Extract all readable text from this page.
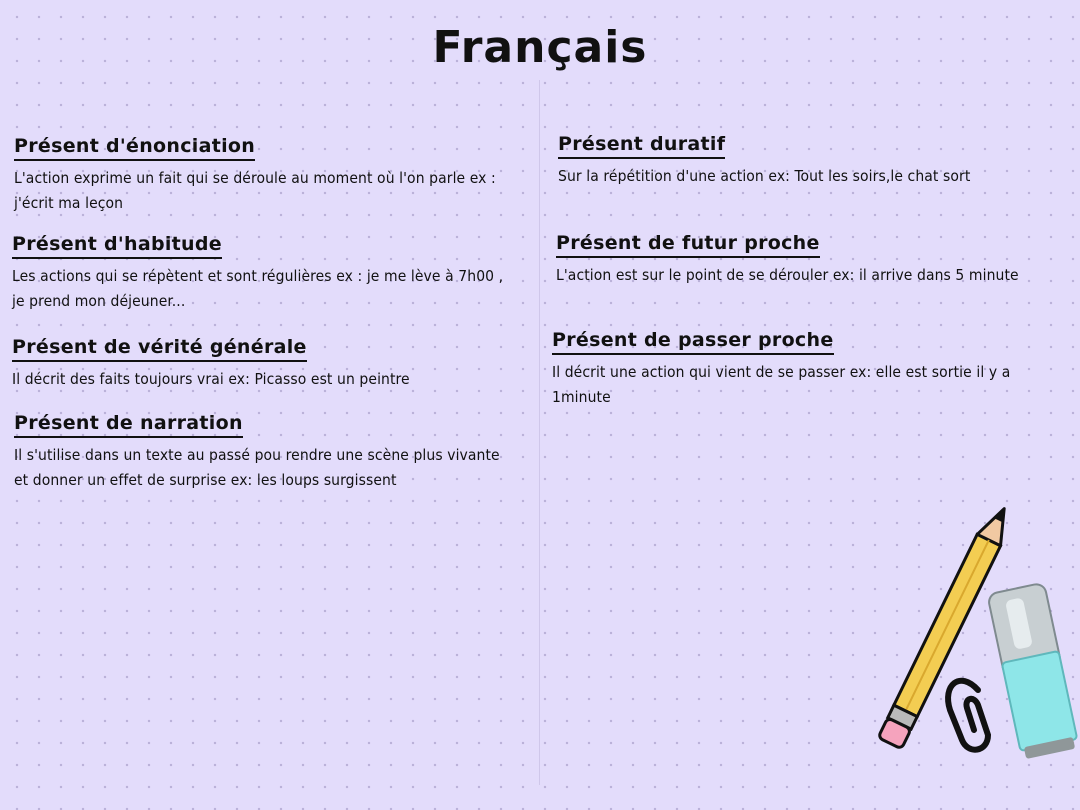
Français
Présent d'énonciation
L'action exprime un fait qui se déroule au moment où l'on parle ex : j'écrit ma leçon
Présent d'habitude
Les actions qui se répètent et sont régulières ex : je me lève à 7h00 , je prend mon déjeuner...
Présent de vérité générale
Il décrit des faits toujours vrai ex: Picasso est un peintre
Présent de narration
Il s'utilise dans un texte au passé pou rendre une scène plus vivante et donner un effet de surprise ex: les loups surgissent
Présent duratif
Sur la répétition d'une action ex: Tout les soirs,le chat sort
Présent de futur proche
L'action est sur le point de se dérouler ex: il arrive dans 5 minute
Présent de passer proche
Il décrit une action qui vient de se passer ex: elle est sortie il y a 1minute
